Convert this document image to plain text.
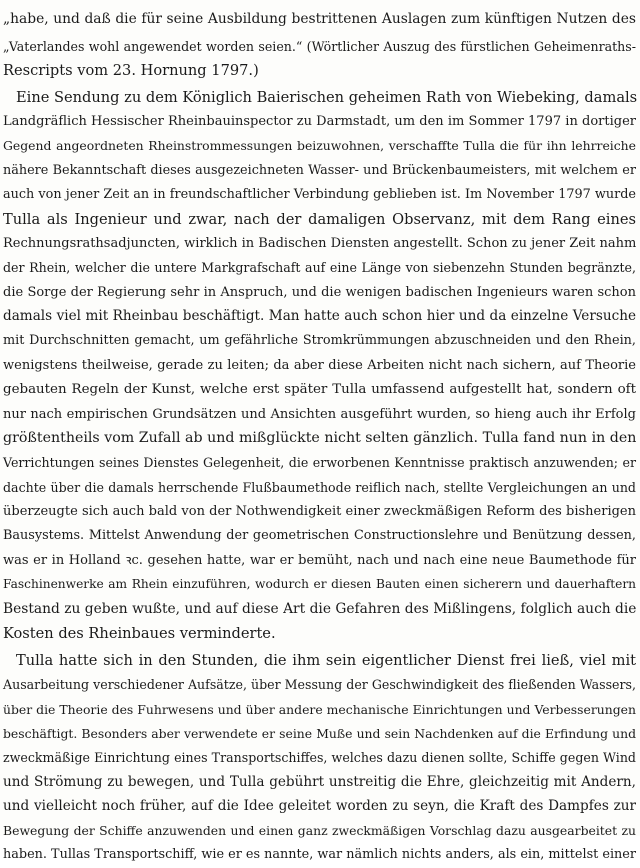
„habe, und daß die für seine Ausbildung bestrittenen Auslagen zum künftigen Nutzen des
„Vaterlandes wohl angewendet worden seien.“ (Wörtlicher Auszug des fürstlichen Geheimenraths-
Rescripts vom 23. Hornung 1797.)
Eine Sendung zu dem Königlich Baierischen geheimen Rath von Wiebeking, damals
Landgräflich Hessischer Rheinbauinspector zu Darmstadt, um den im Sommer 1797 in dortiger
Gegend angeordneten Rheinstrommessungen beizuwohnen, verschaffte Tulla die für ihn lehrreiche
nähere Bekanntschaft dieses ausgezeichneten Wasser- und Brückenbaumeisters, mit welchem er
auch von jener Zeit an in freundschaftlicher Verbindung geblieben ist. Im November 1797 wurde
Tulla als Ingenieur und zwar, nach der damaligen Observanz, mit dem Rang eines
Rechnungsrathsadjuncten, wirklich in Badischen Diensten angestellt. Schon zu jener Zeit nahm
der Rhein, welcher die untere Markgrafschaft auf eine Länge von siebenzehn Stunden begränzte,
die Sorge der Regierung sehr in Anspruch, und die wenigen badischen Ingenieurs waren schon
damals viel mit Rheinbau beschäftigt. Man hatte auch schon hier und da einzelne Versuche
mit Durchschnitten gemacht, um gefährliche Stromkrümmungen abzuschneiden und den Rhein,
wenigstens theilweise, gerade zu leiten; da aber diese Arbeiten nicht nach sichern, auf Theorie
gebauten Regeln der Kunst, welche erst später Tulla umfassend aufgestellt hat, sondern oft
nur nach empirischen Grundsätzen und Ansichten ausgeführt wurden, so hieng auch ihr Erfolg
größtentheils vom Zufall ab und mißglückte nicht selten gänzlich. Tulla fand nun in den
Verrichtungen seines Dienstes Gelegenheit, die erworbenen Kenntnisse praktisch anzuwenden; er
dachte über die damals herrschende Flußbaumethode reiflich nach, stellte Vergleichungen an und
überzeugte sich auch bald von der Nothwendigkeit einer zweckmäßigen Reform des bisherigen
Bausystems. Mittelst Anwendung der geometrischen Constructionslehre und Benützung dessen,
was er in Holland ꝛc. gesehen hatte, war er bemüht, nach und nach eine neue Baumethode für
Faschinenwerke am Rhein einzuführen, wodurch er diesen Bauten einen sicherern und dauerhaftern
Bestand zu geben wußte, und auf diese Art die Gefahren des Mißlingens, folglich auch die
Kosten des Rheinbaues verminderte.
Tulla hatte sich in den Stunden, die ihm sein eigentlicher Dienst frei ließ, viel mit
Ausarbeitung verschiedener Aufsätze, über Messung der Geschwindigkeit des fließenden Wassers,
über die Theorie des Fuhrwesens und über andere mechanische Einrichtungen und Verbesserungen
beschäftigt. Besonders aber verwendete er seine Muße und sein Nachdenken auf die Erfindung und
zweckmäßige Einrichtung eines Transportschiffes, welches dazu dienen sollte, Schiffe gegen Wind
und Strömung zu bewegen, und Tulla gebührt unstreitig die Ehre, gleichzeitig mit Andern,
und vielleicht noch früher, auf die Idee geleitet worden zu seyn, die Kraft des Dampfes zur
Bewegung der Schiffe anzuwenden und einen ganz zweckmäßigen Vorschlag dazu ausgearbeitet zu
haben. Tullas Transportschiff, wie er es nannte, war nämlich nichts anders, als ein, mittelst einer
